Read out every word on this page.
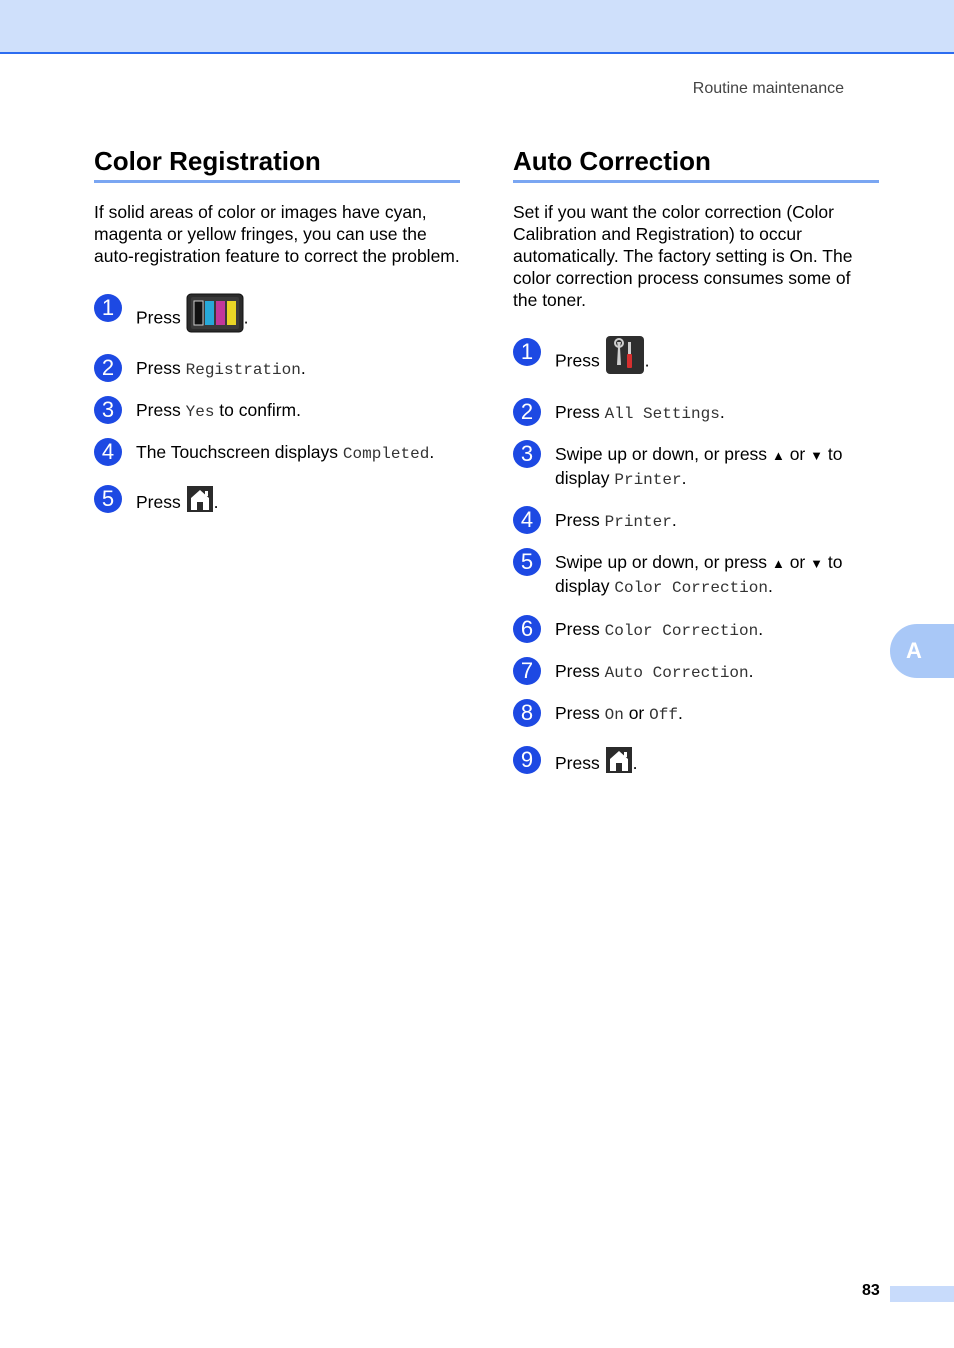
Routine maintenance
Color Registration

If solid areas of color or images have cyan, magenta or yellow fringes, you can use the auto-registration feature to correct the problem.

1	Press	.
2	Press Registration.
3	Press Yes to confirm.
4	The Touchscreen displays Completed.
5	Press .
Auto Correction

Set if you want the color correction (Color Calibration and Registration) to occur automatically. The factory setting is On. The color correction process consumes some of the toner.

1	Press	.
2	Press All Settings.
3	Swipe up or down, or press ▲ or ▼ to display Printer.
4	Press Printer.
5	Swipe up or down, or press ▲ or ▼ to display Color Correction.
6	Press Color Correction.
7	Press Auto Correction.
8	Press On or Off.
9	Press .
A
83
